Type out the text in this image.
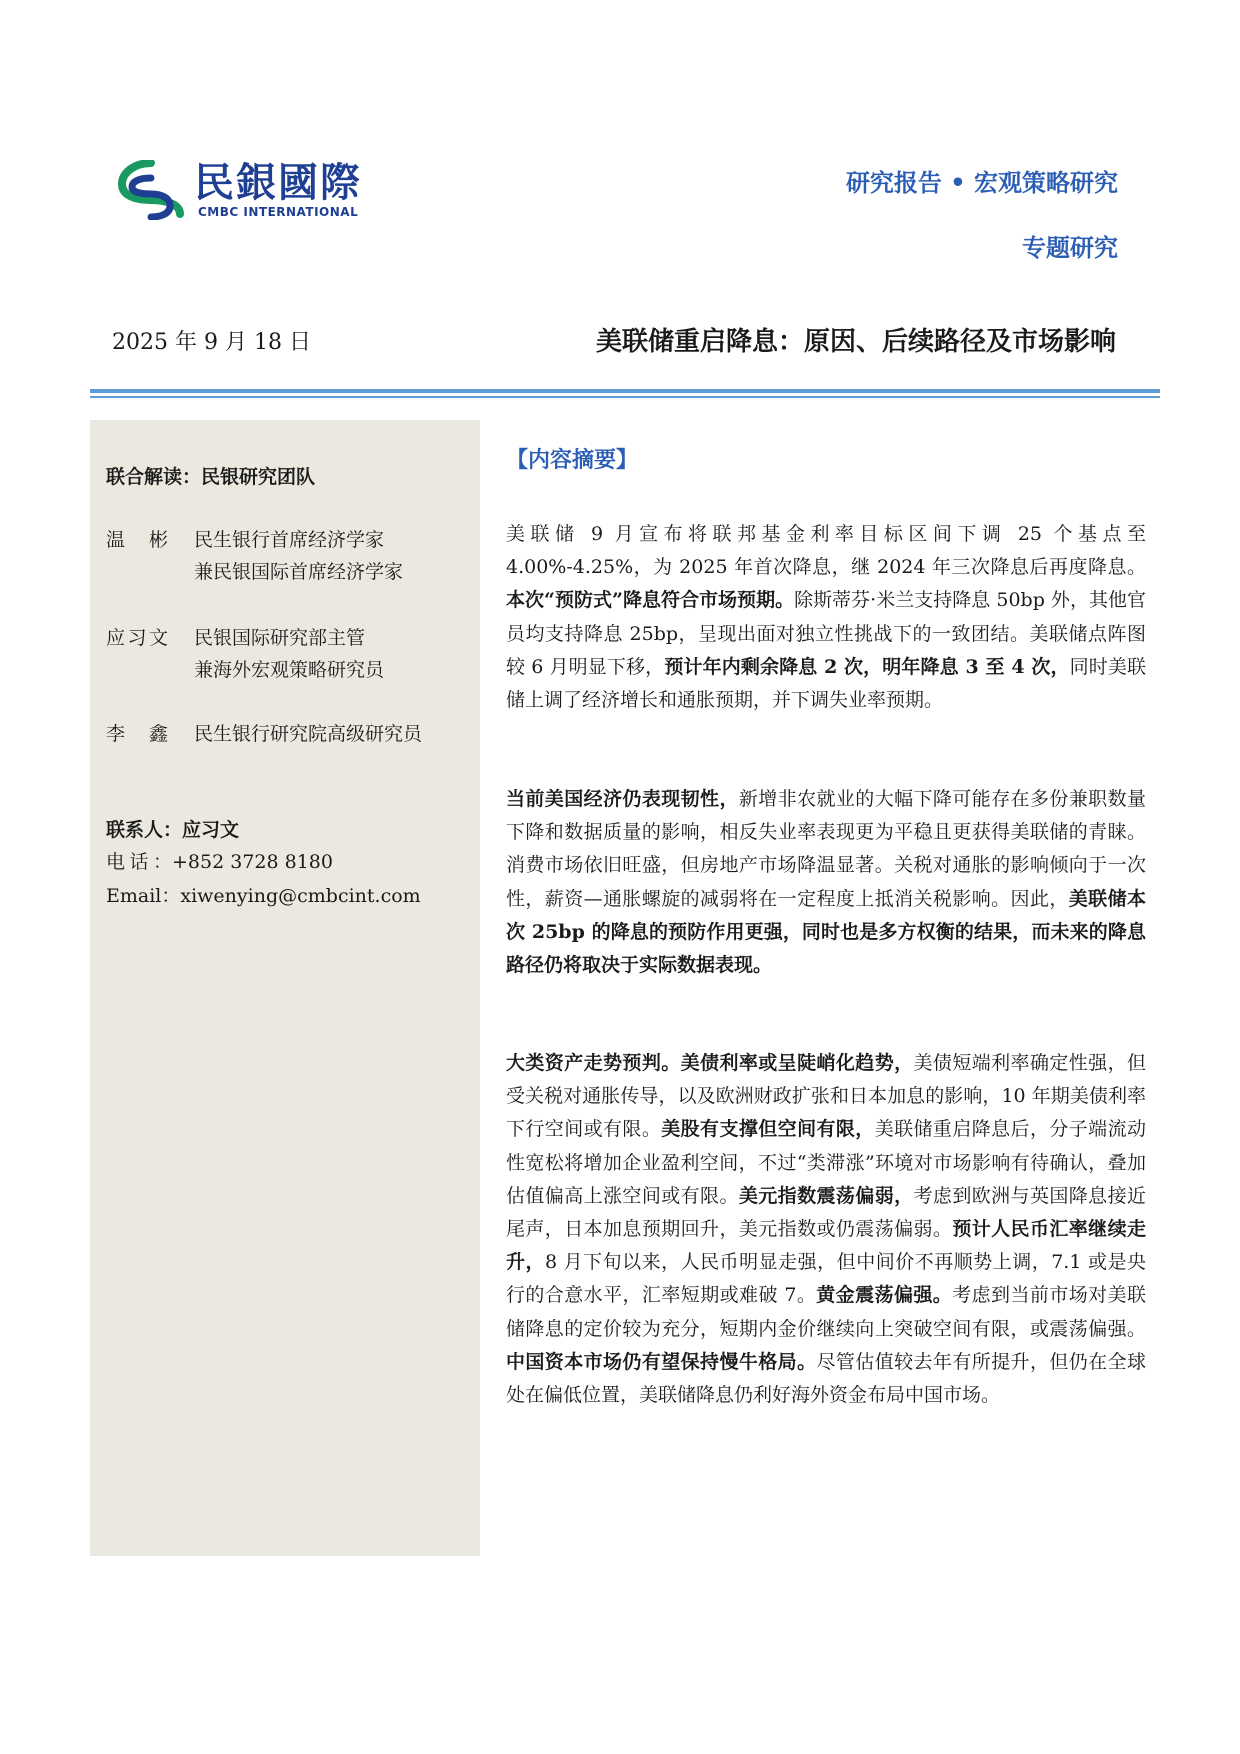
民銀國際
CMBC INTERNATIONAL
研究报告 • 宏观策略研究
专题研究
2025 年 9 月 18 日	美联储重启降息：原因、后续路径及市场影响
联合解读：民银研究团队
温彬 民生银行首席经济学家
兼民银国际首席经济学家
应习文 民银国际研究部主管
兼海外宏观策略研究员
李鑫 民生银行研究院高级研究员
联系人：应习文
电话：+852 3728 8180
Email：xiwenying@cmbcint.com
【内容摘要】

美联储 9 月宣布将联邦基金利率目标区间下调 25 个基点至 4.00%-4.25%，为 2025 年首次降息，继 2024 年三次降息后再度降息。本次“预防式”降息符合市场预期。除斯蒂芬·米兰支持降息 50bp 外，其他官员均支持降息 25bp，呈现出面对独立性挑战下的一致团结。美联储点阵图较 6 月明显下移，预计年内剩余降息 2 次，明年降息 3 至 4 次，同时美联储上调了经济增长和通胀预期，并下调失业率预期。

当前美国经济仍表现韧性，新增非农就业的大幅下降可能存在多份兼职数量下降和数据质量的影响，相反失业率表现更为平稳且更获得美联储的青睐。消费市场依旧旺盛，但房地产市场降温显著。关税对通胀的影响倾向于一次性，薪资—通胀螺旋的减弱将在一定程度上抵消关税影响。因此，美联储本次 25bp 的降息的预防作用更强，同时也是多方权衡的结果，而未来的降息路径仍将取决于实际数据表现。

大类资产走势预判。美债利率或呈陡峭化趋势，美债短端利率确定性强，但受关税对通胀传导，以及欧洲财政扩张和日本加息的影响，10 年期美债利率下行空间或有限。美股有支撑但空间有限，美联储重启降息后，分子端流动性宽松将增加企业盈利空间，不过“类滞涨”环境对市场影响有待确认，叠加估值偏高上涨空间或有限。美元指数震荡偏弱，考虑到欧洲与英国降息接近尾声，日本加息预期回升，美元指数或仍震荡偏弱。预计人民币汇率继续走升，8 月下旬以来，人民币明显走强，但中间价不再顺势上调，7.1 或是央行的合意水平，汇率短期或难破 7。黄金震荡偏强。考虑到当前市场对美联储降息的定价较为充分，短期内金价继续向上突破空间有限，或震荡偏强。中国资本市场仍有望保持慢牛格局。尽管估值较去年有所提升，但仍在全球处在偏低位置，美联储降息仍利好海外资金布局中国市场。
